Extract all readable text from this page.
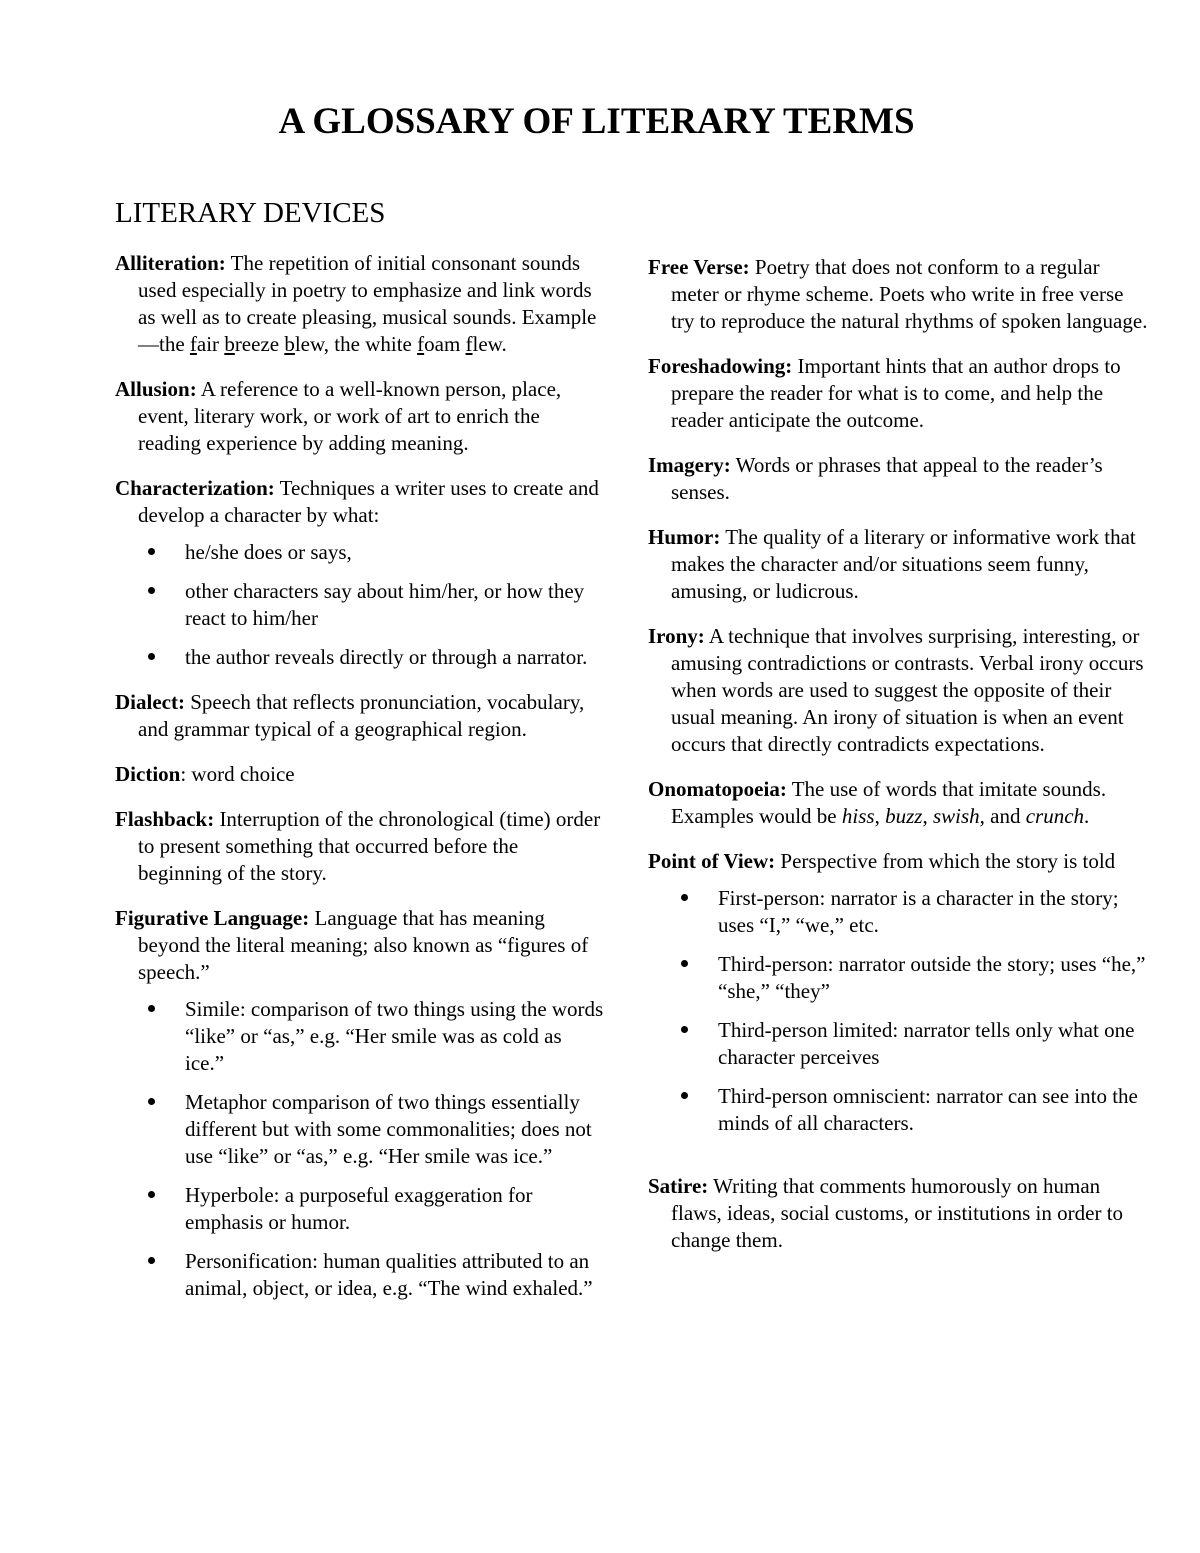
A GLOSSARY OF LITERARY TERMS
LITERARY DEVICES

Alliteration: The repetition of initial consonant sounds used especially in poetry to emphasize and link words as well as to create pleasing, musical sounds. Example—the fair breeze blew, the white foam flew.

Allusion: A reference to a well-known person, place, event, literary work, or work of art to enrich the reading experience by adding meaning.

Characterization: Techniques a writer uses to create and develop a character by what:

he/she does or says,
other characters say about him/her, or how they react to him/her
the author reveals directly or through a narrator.

Dialect: Speech that reflects pronunciation, vocabulary, and grammar typical of a geographical region.

Diction: word choice

Flashback: Interruption of the chronological (time) order to present something that occurred before the beginning of the story.

Figurative Language: Language that has meaning beyond the literal meaning; also known as “figures of speech.”

Simile: comparison of two things using the words “like” or “as,” e.g. “Her smile was as cold as ice.”
Metaphor comparison of two things essentially different but with some commonalities; does not use “like” or “as,” e.g. “Her smile was ice.”
Hyperbole: a purposeful exaggeration for emphasis or humor.
Personification: human qualities attributed to an animal, object, or idea, e.g. “The wind exhaled.”

Free Verse: Poetry that does not conform to a regular meter or rhyme scheme. Poets who write in free verse try to reproduce the natural rhythms of spoken language.

Foreshadowing: Important hints that an author drops to prepare the reader for what is to come, and help the reader anticipate the outcome.

Imagery: Words or phrases that appeal to the reader’s senses.

Humor: The quality of a literary or informative work that makes the character and/or situations seem funny, amusing, or ludicrous.

Irony: A technique that involves surprising, interesting, or amusing contradictions or contrasts. Verbal irony occurs when words are used to suggest the opposite of their usual meaning. An irony of situation is when an event occurs that directly contradicts expectations.

Onomatopoeia: The use of words that imitate sounds. Examples would be hiss, buzz, swish, and crunch.

Point of View: Perspective from which the story is told

First-person: narrator is a character in the story; uses “I,” “we,” etc.
Third-person: narrator outside the story; uses “he,” “she,” “they”
Third-person limited: narrator tells only what one character perceives
Third-person omniscient: narrator can see into the minds of all characters.

Satire: Writing that comments humorously on human flaws, ideas, social customs, or institutions in order to change them.
